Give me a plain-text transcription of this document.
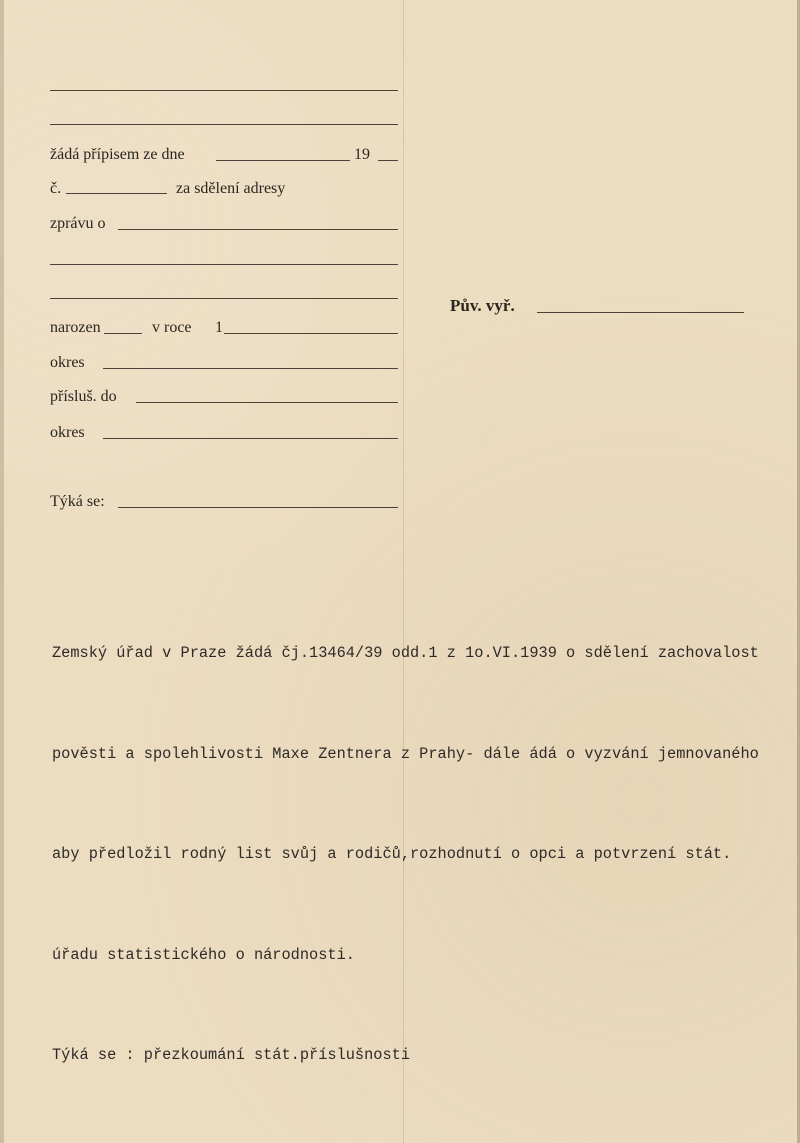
žádá přípisem ze dne	19
č.	za sdělení adresy
zprávu o
Pův. vyř.
narozen	v roce 1
okres
přísluš. do
okres
Týká se:

Zemský úřad v Praze žádá čj.13464/39 odd.1 z 1o.VI.1939 o sdělení zachovalost

pověsti a spolehlivosti Maxe Zentnera z Prahy- dále ádá o vyzvání jemnovaného

aby předložil rodný list svůj a rodičů,rozhodnutí o opci a potvrzení stát.

úřadu statistického o národnosti.

Týká se : přezkoumání stát.příslušnosti
